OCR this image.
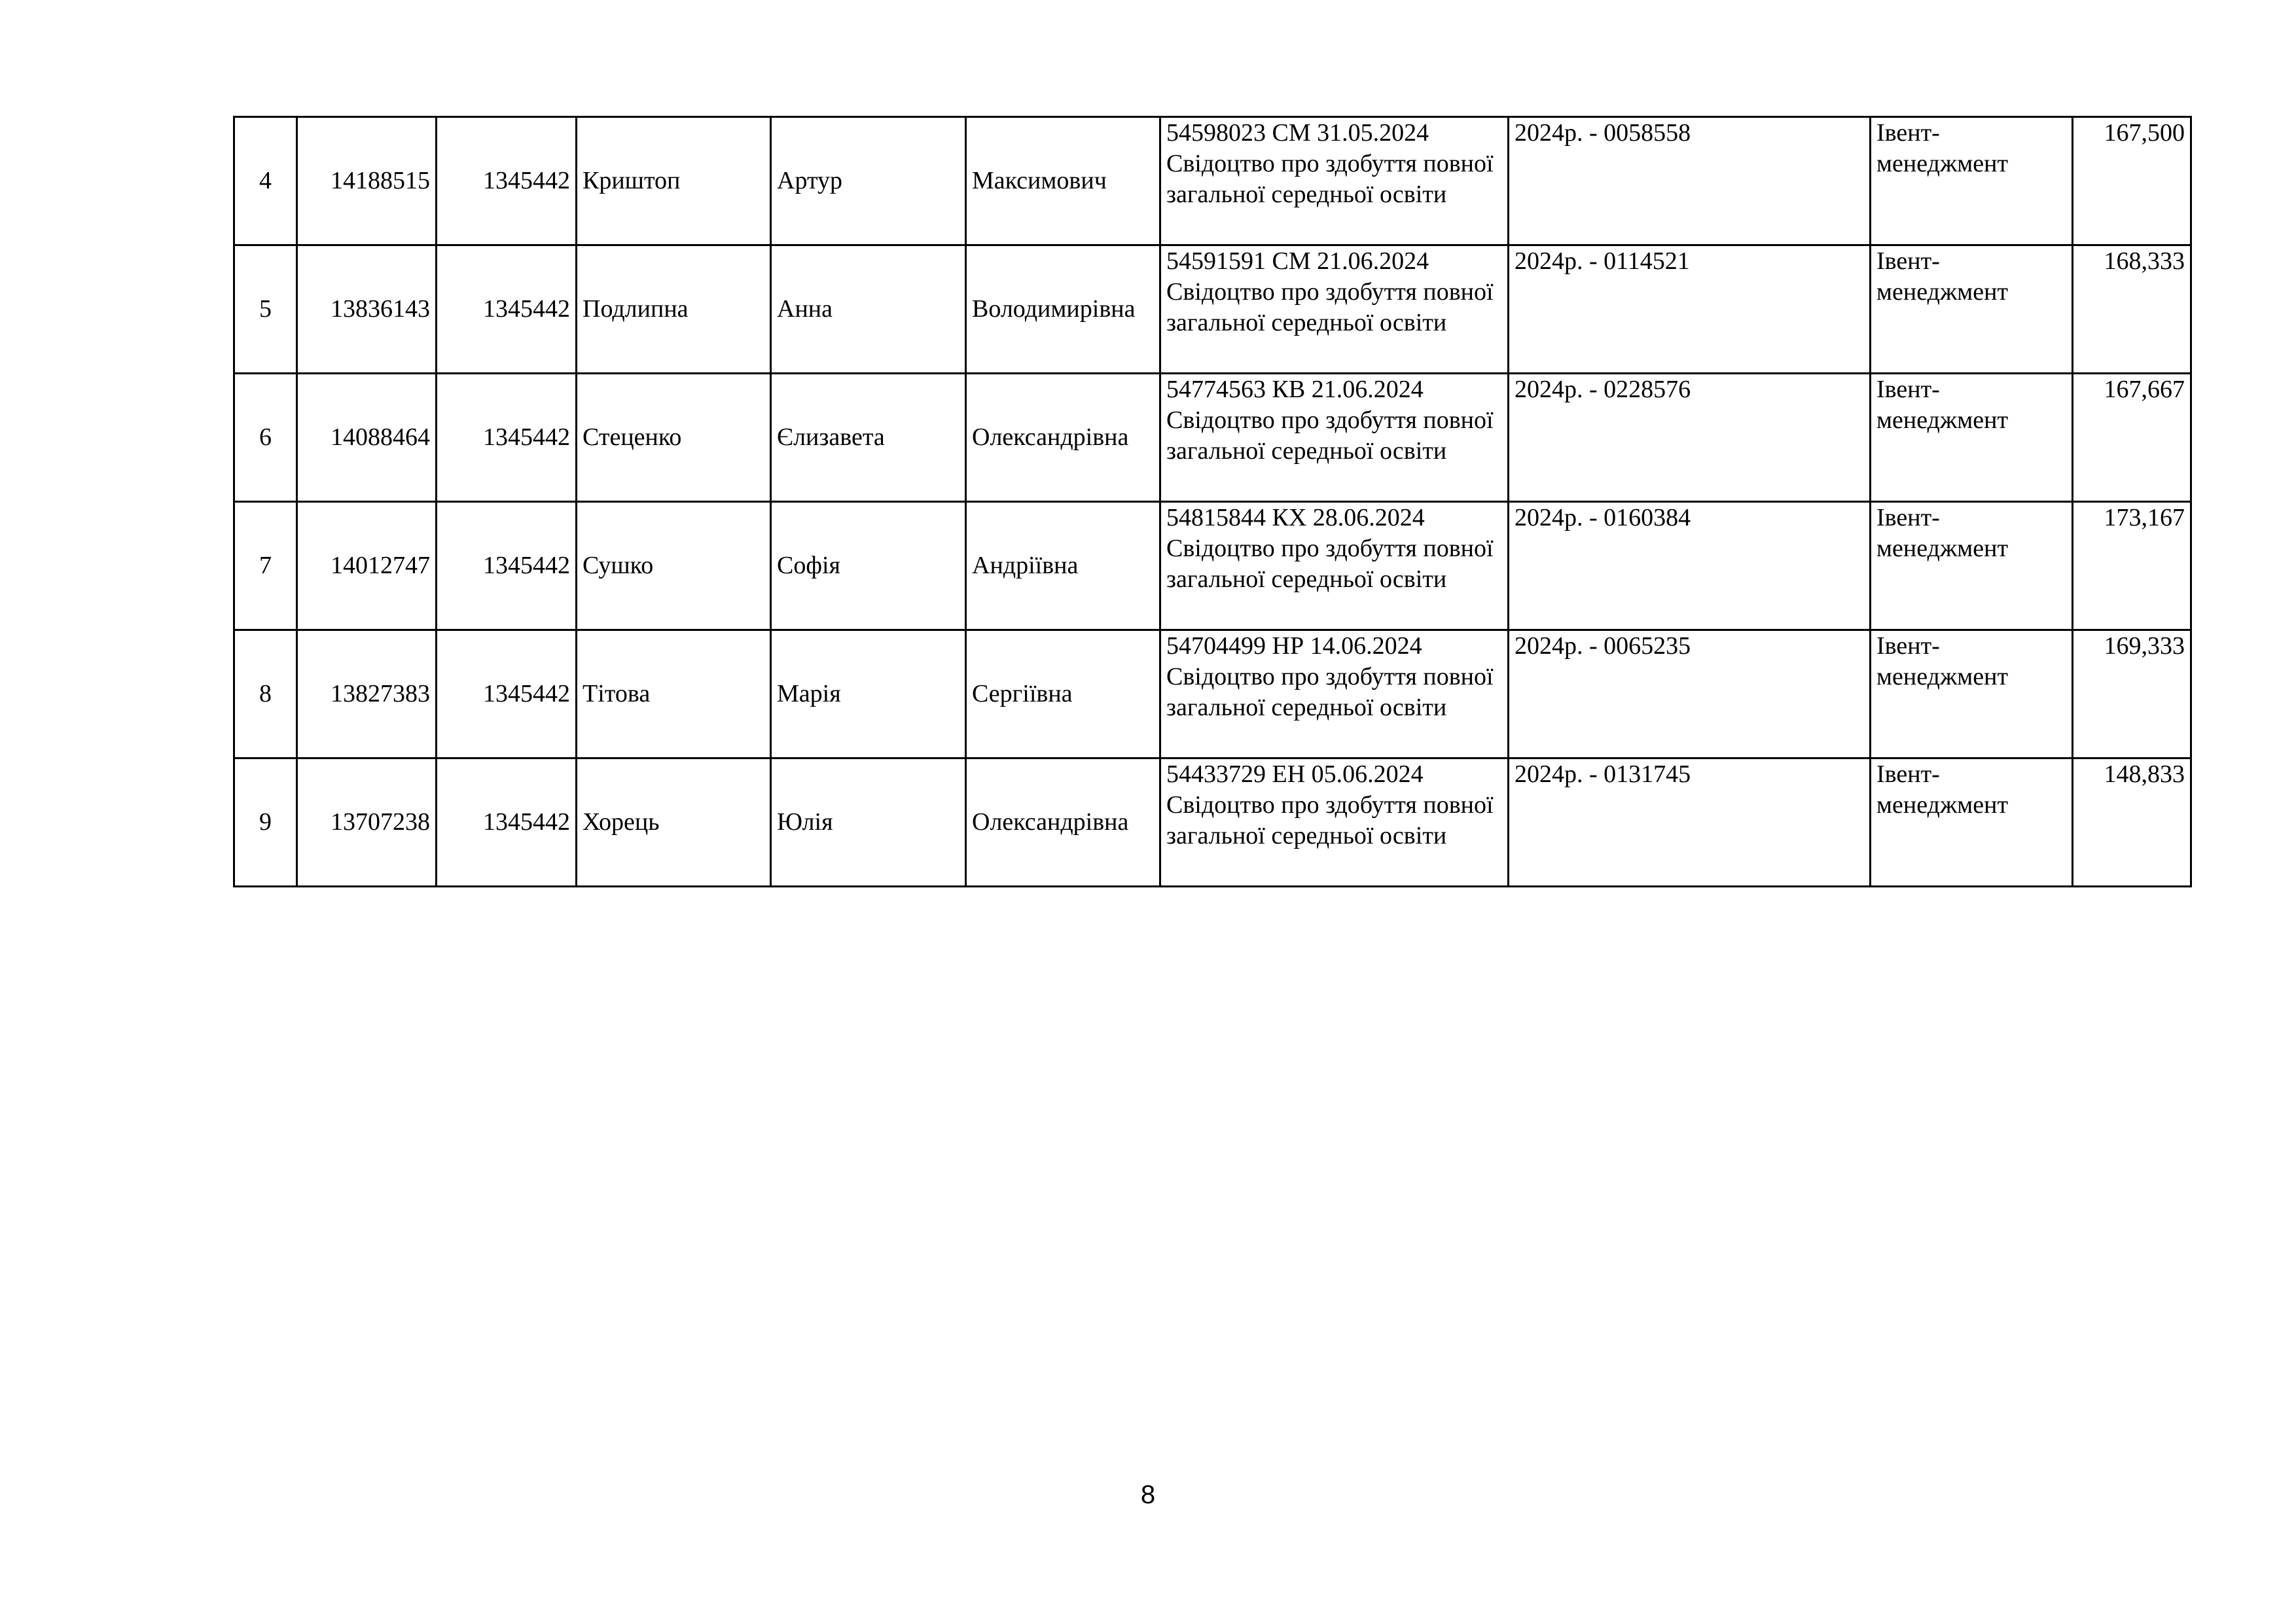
4	14188515	1345442	Криштоп	Артур	Максимович	54598023 СМ 31.05.2024
Свідоцтво про здобуття повної загальної середньої освіти	2024р. - 0058558	Івент-менеджмент	167,500
5	13836143	1345442	Подлипна	Анна	Володимирівна	54591591 СМ 21.06.2024
Свідоцтво про здобуття повної загальної середньої освіти	2024р. - 0114521	Івент-менеджмент	168,333
6	14088464	1345442	Стеценко	Єлизавета	Олександрівна	54774563 КВ 21.06.2024
Свідоцтво про здобуття повної загальної середньої освіти	2024р. - 0228576	Івент-менеджмент	167,667
7	14012747	1345442	Сушко	Софія	Андріївна	54815844 КХ 28.06.2024
Свідоцтво про здобуття повної загальної середньої освіти	2024р. - 0160384	Івент-менеджмент	173,167
8	13827383	1345442	Тітова	Марія	Сергіївна	54704499 НР 14.06.2024
Свідоцтво про здобуття повної загальної середньої освіти	2024р. - 0065235	Івент-менеджмент	169,333
9	13707238	1345442	Хорець	Юлія	Олександрівна	54433729 ЕН 05.06.2024
Свідоцтво про здобуття повної загальної середньої освіти	2024р. - 0131745	Івент-менеджмент	148,833
8
